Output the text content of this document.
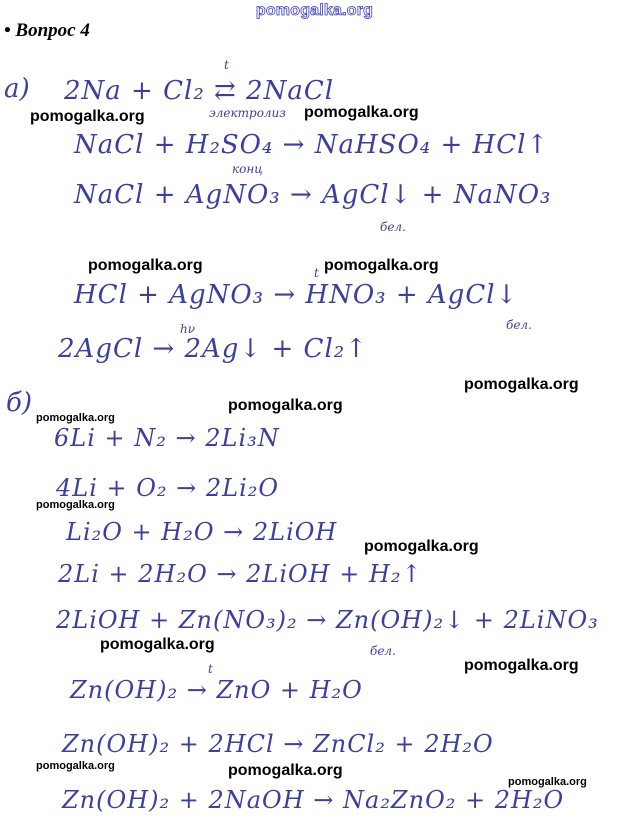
pomogalka.org
• Вопрос 4
а) 2Na + Cl₂ ⇄ 2NaCl
t
электролиз
NaCl + H₂SO₄ → NaHSO₄ + HCl↑
конц
NaCl + AgNO₃ → AgCl↓ + NaNO₃
бел.
HCl + AgNO₃ → HNO₃ + AgCl↓
t
бел.
2AgCl → 2Ag↓ + Cl₂↑
hν
б)
6Li + N₂ → 2Li₃N
4Li + O₂ → 2Li₂O
Li₂O + H₂O → 2LiOH
2Li + 2H₂O → 2LiOH + H₂↑
2LiOH + Zn(NO₃)₂ → Zn(OH)₂↓ + 2LiNO₃
бел.
Zn(OH)₂ → ZnO + H₂O
t
Zn(OH)₂ + 2HCl → ZnCl₂ + 2H₂O
Zn(OH)₂ + 2NaOH → Na₂ZnO₂ + 2H₂O
pomogalka.org	pomogalka.org
pomogalka.org	pomogalka.org
pomogalka.org
pomogalka.org
pomogalka.org
pomogalka.org
pomogalka.org
pomogalka.org
pomogalka.org
pomogalka.org
pomogalka.org
pomogalka.org
